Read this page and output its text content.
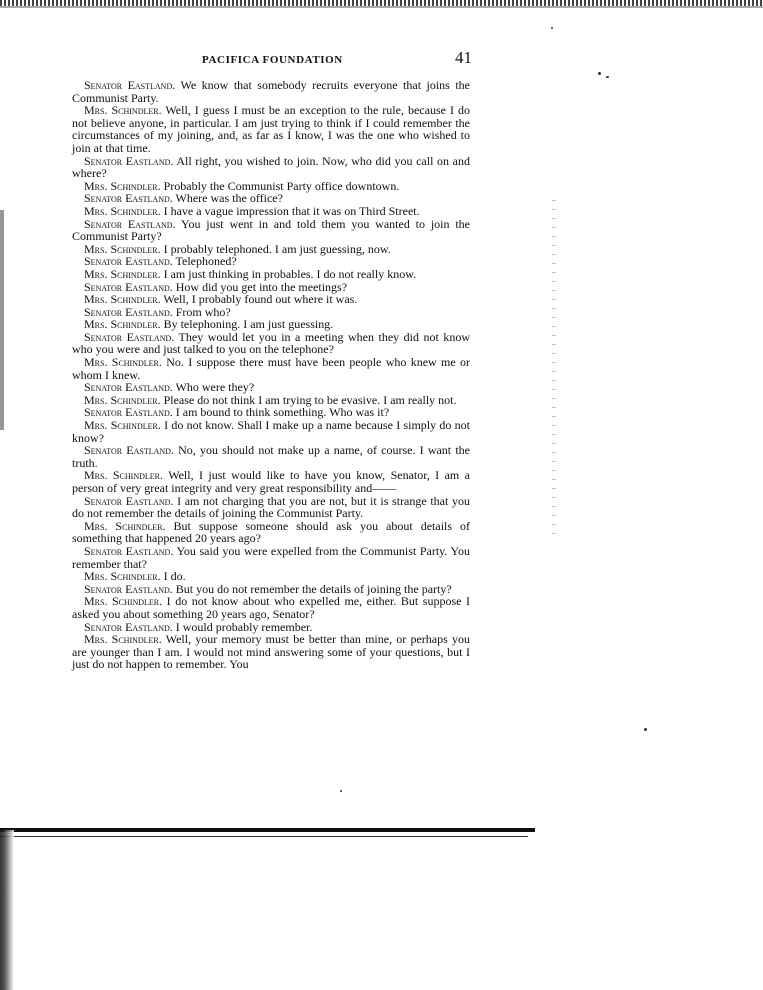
PACIFICA FOUNDATION	41

Senator Eastland. We know that somebody recruits everyone that joins the Communist Party.

Mrs. Schindler. Well, I guess I must be an exception to the rule, because I do not believe anyone, in particular. I am just trying to think if I could remember the circumstances of my joining, and, as far as I know, I was the one who wished to join at that time.

Senator Eastland. All right, you wished to join. Now, who did you call on and where?

Mrs. Schindler. Probably the Communist Party office downtown.

Senator Eastland. Where was the office?

Mrs. Schindler. I have a vague impression that it was on Third Street.

Senator Eastland. You just went in and told them you wanted to join the Communist Party?

Mrs. Schindler. I probably telephoned. I am just guessing, now.

Senator Eastland. Telephoned?

Mrs. Schindler. I am just thinking in probables. I do not really know.

Senator Eastland. How did you get into the meetings?

Mrs. Schindler. Well, I probably found out where it was.

Senator Eastland. From who?

Mrs. Schindler. By telephoning. I am just guessing.

Senator Eastland. They would let you in a meeting when they did not know who you were and just talked to you on the telephone?

Mrs. Schindler. No. I suppose there must have been people who knew me or whom I knew.

Senator Eastland. Who were they?

Mrs. Schindler. Please do not think I am trying to be evasive. I am really not.

Senator Eastland. I am bound to think something. Who was it?

Mrs. Schindler. I do not know. Shall I make up a name because I simply do not know?

Senator Eastland. No, you should not make up a name, of course. I want the truth.

Mrs. Schindler. Well, I just would like to have you know, Senator, I am a person of very great integrity and very great responsibility and——

Senator Eastland. I am not charging that you are not, but it is strange that you do not remember the details of joining the Communist Party.

Mrs. Schindler. But suppose someone should ask you about details of something that happened 20 years ago?

Senator Eastland. You said you were expelled from the Communist Party. You remember that?

Mrs. Schindler. I do.

Senator Eastland. But you do not remember the details of joining the party?

Mrs. Schindler. I do not know about who expelled me, either. But suppose I asked you about something 20 years ago, Senator?

Senator Eastland. I would probably remember.

Mrs. Schindler. Well, your memory must be better than mine, or perhaps you are younger than I am. I would not mind answering some of your questions, but I just do not happen to remember. You
